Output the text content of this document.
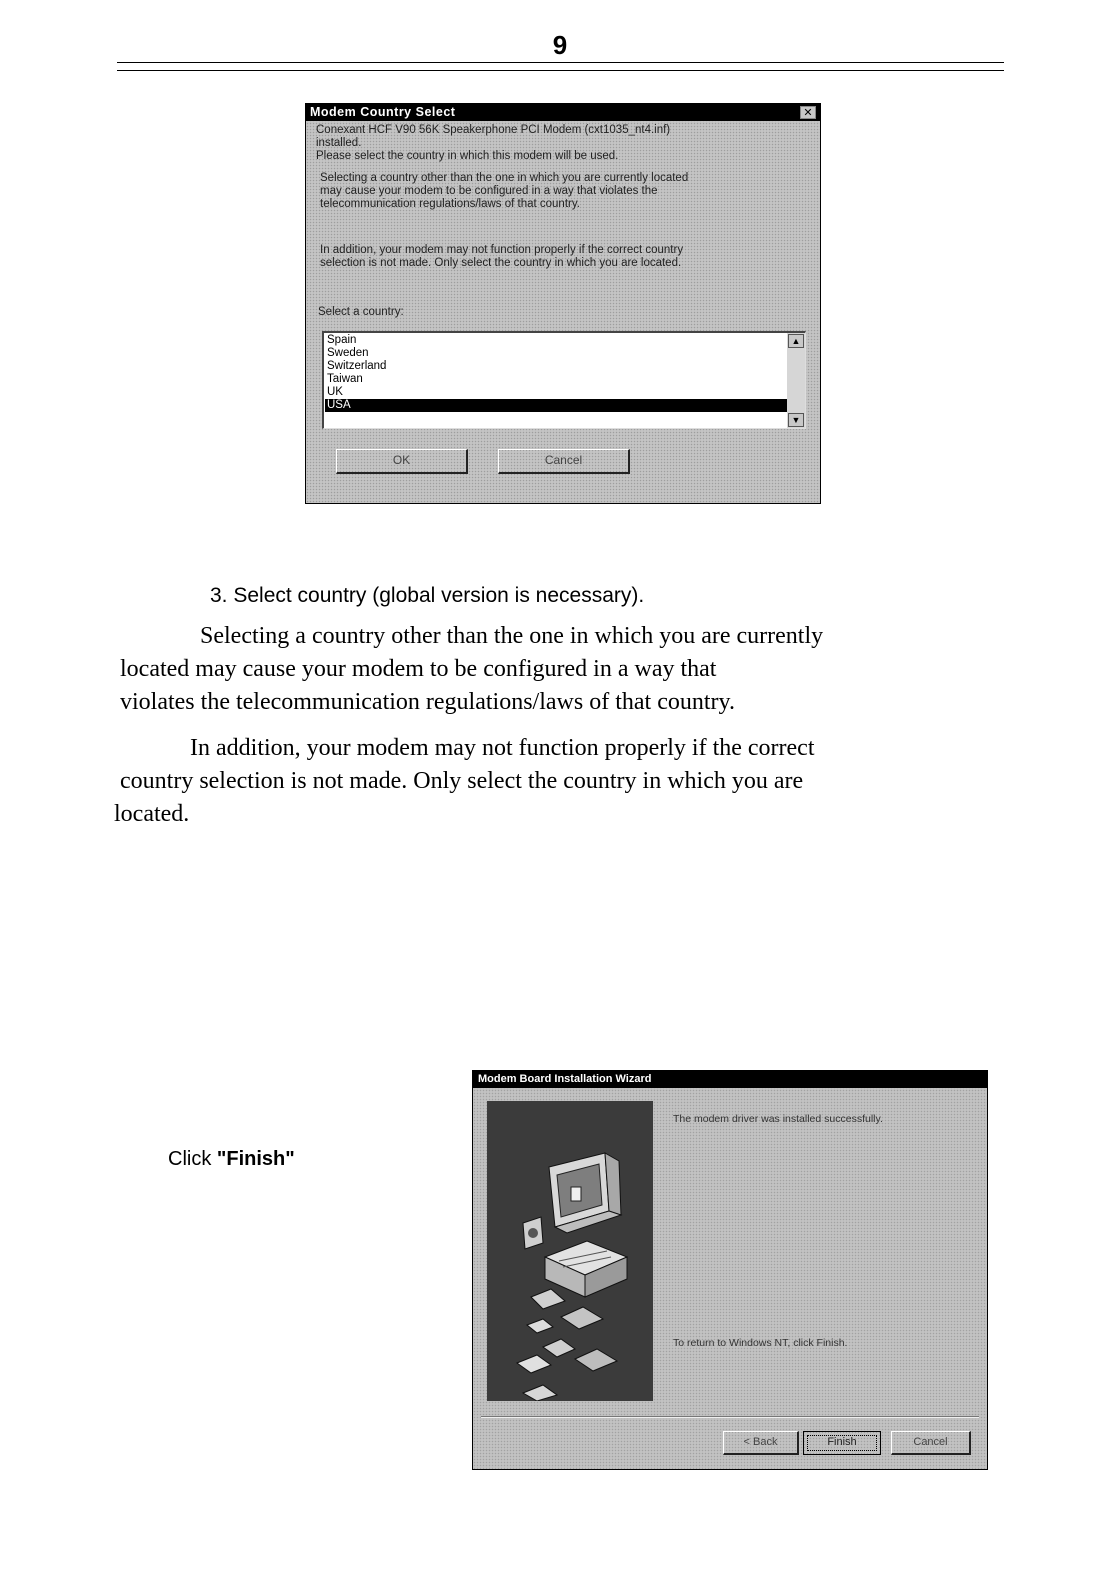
9
Modem Country Select	✕
Conexant HCF V90 56K Speakerphone PCI Modem (cxt1035_nt4.inf)
installed.
Please select the country in which this modem will be used.
Selecting a country other than the one in which you are currently located
may cause your modem to be configured in a way that violates the
telecommunication regulations/laws of that country.
In addition, your modem may not function properly if the correct country
selection is not made. Only select the country in which you are located.
Select a country:
Spain
Sweden
Switzerland
Taiwan
UK
USA
▲
▼
OK	Cancel
3. Select country (global version is necessary).
Selecting a country other than the one in which you are currently
located may cause your modem to be configured in a way that
violates the telecommunication regulations/laws of that country.
In addition, your modem may not function properly if the correct
country selection is not made. Only select the country in which you are
located.
Click "Finish"
Modem Board Installation Wizard
The modem driver was installed successfully.
To return to Windows NT, click Finish.
< Back	Finish	Cancel
